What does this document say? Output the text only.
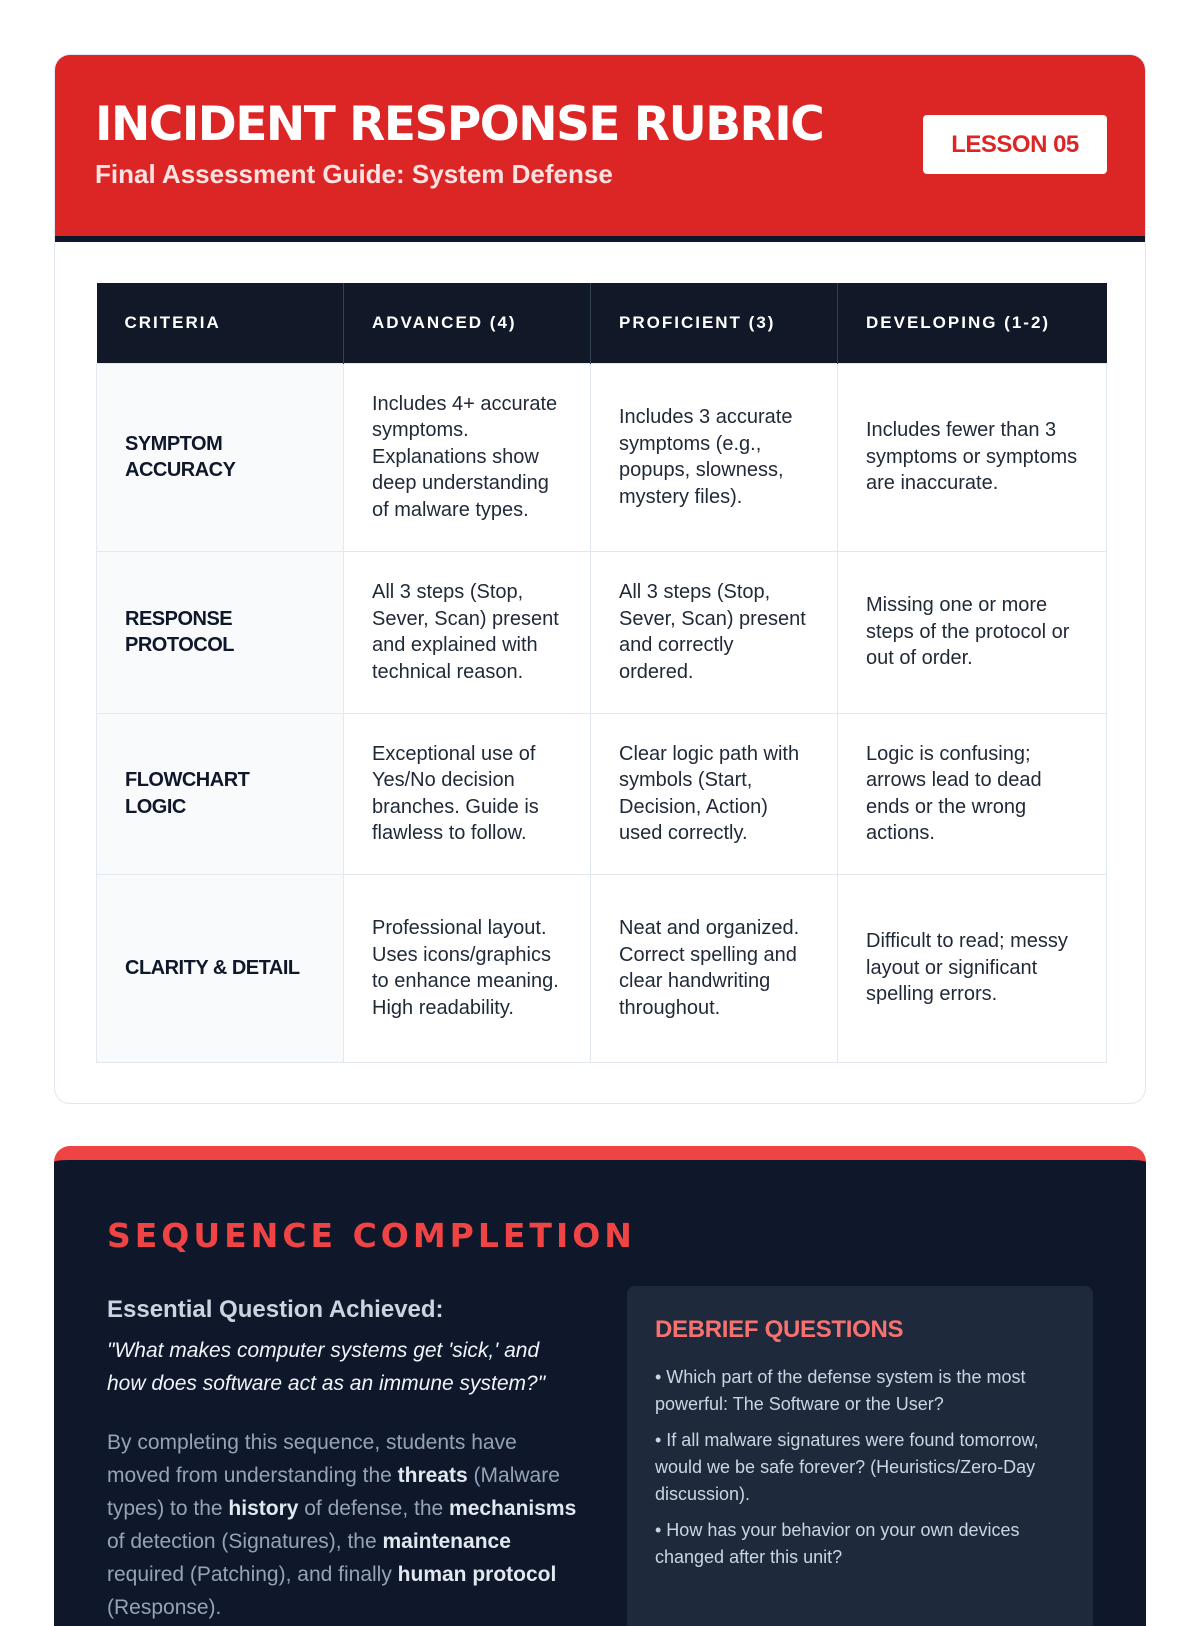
INCIDENT RESPONSE RUBRIC
Final Assessment Guide: System Defense
LESSON 05
CRITERIA	ADVANCED (4)	PROFICIENT (3)	DEVELOPING (1-2)
SYMPTOM ACCURACY	Includes 4+ accurate symptoms. Explanations show deep understanding of malware types.	Includes 3 accurate symptoms (e.g., popups, slowness, mystery files).	Includes fewer than 3 symptoms or symptoms are inaccurate.
RESPONSE PROTOCOL	All 3 steps (Stop, Sever, Scan) present and explained with technical reason.	All 3 steps (Stop, Sever, Scan) present and correctly ordered.	Missing one or more steps of the protocol or out of order.
FLOWCHART LOGIC	Exceptional use of Yes/No decision branches. Guide is flawless to follow.	Clear logic path with symbols (Start, Decision, Action) used correctly.	Logic is confusing; arrows lead to dead ends or the wrong actions.
CLARITY & DETAIL	Professional layout. Uses icons/graphics to enhance meaning. High readability.	Neat and organized. Correct spelling and clear handwriting throughout.	Difficult to read; messy layout or significant spelling errors.
SEQUENCE COMPLETION
Essential Question Achieved:
"What makes computer systems get 'sick,' and how does software act as an immune system?"
By completing this sequence, students have moved from understanding the threats (Malware types) to the history of defense, the mechanisms of detection (Signatures), the maintenance required (Patching), and finally human protocol (Response).
DEBRIEF QUESTIONS
• Which part of the defense system is the most powerful: The Software or the User?
• If all malware signatures were found tomorrow, would we be safe forever? (Heuristics/Zero-Day discussion).
• How has your behavior on your own devices changed after this unit?
